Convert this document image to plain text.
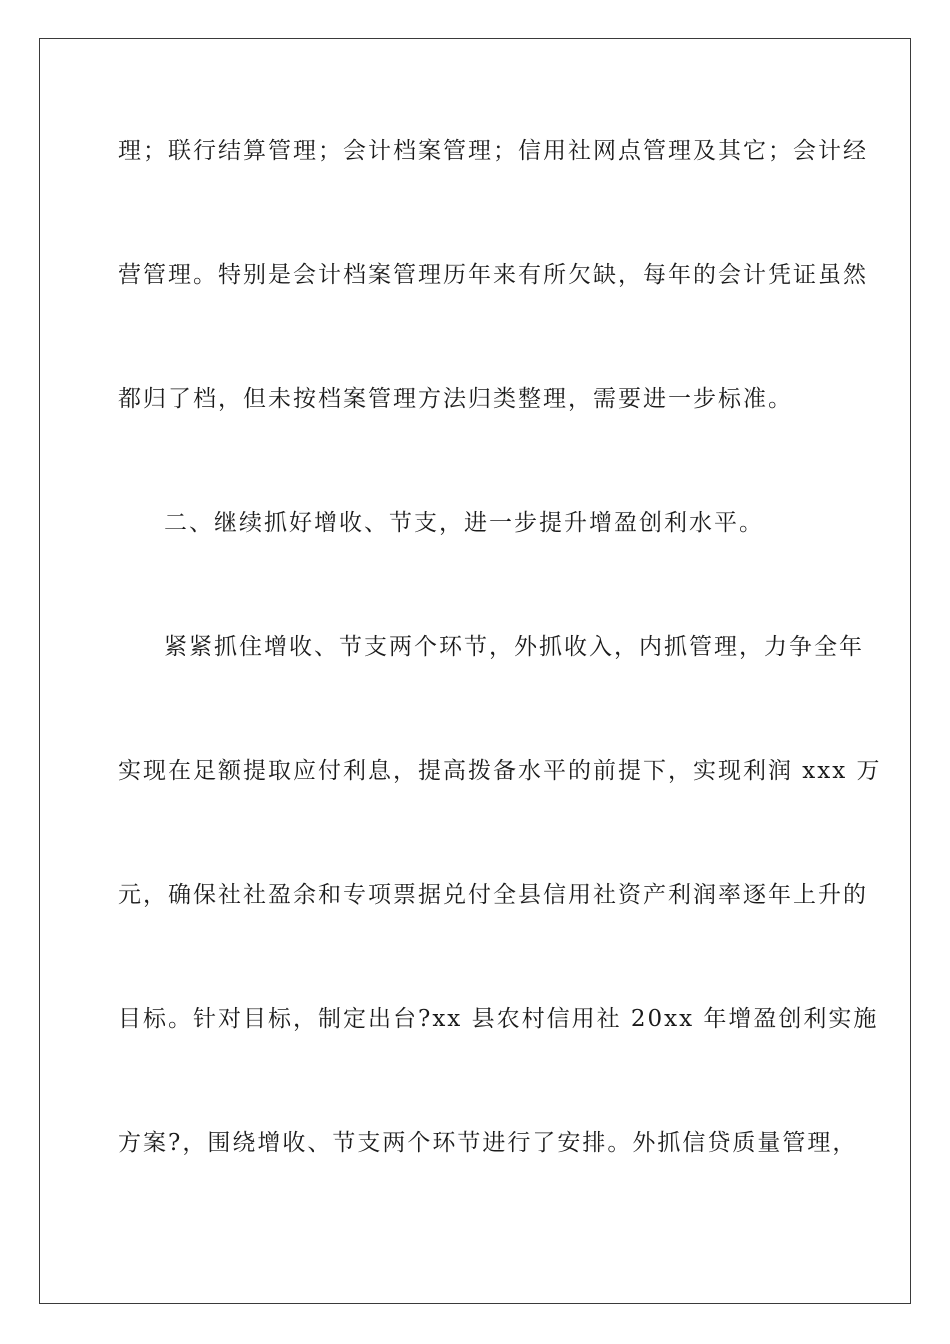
理；联行结算管理；会计档案管理；信用社网点管理及其它；会计经
营管理。特别是会计档案管理历年来有所欠缺，每年的会计凭证虽然
都归了档，但未按档案管理方法归类整理，需要进一步标准。
二、继续抓好增收、节支，进一步提升增盈创利水平。
紧紧抓住增收、节支两个环节，外抓收入，内抓管理，力争全年
实现在足额提取应付利息，提高拨备水平的前提下，实现利润 xxx 万
元，确保社社盈余和专项票据兑付全县信用社资产利润率逐年上升的
目标。针对目标，制定出台?xx 县农村信用社 20xx 年增盈创利实施
方案?，围绕增收、节支两个环节进行了安排。外抓信贷质量管理，
